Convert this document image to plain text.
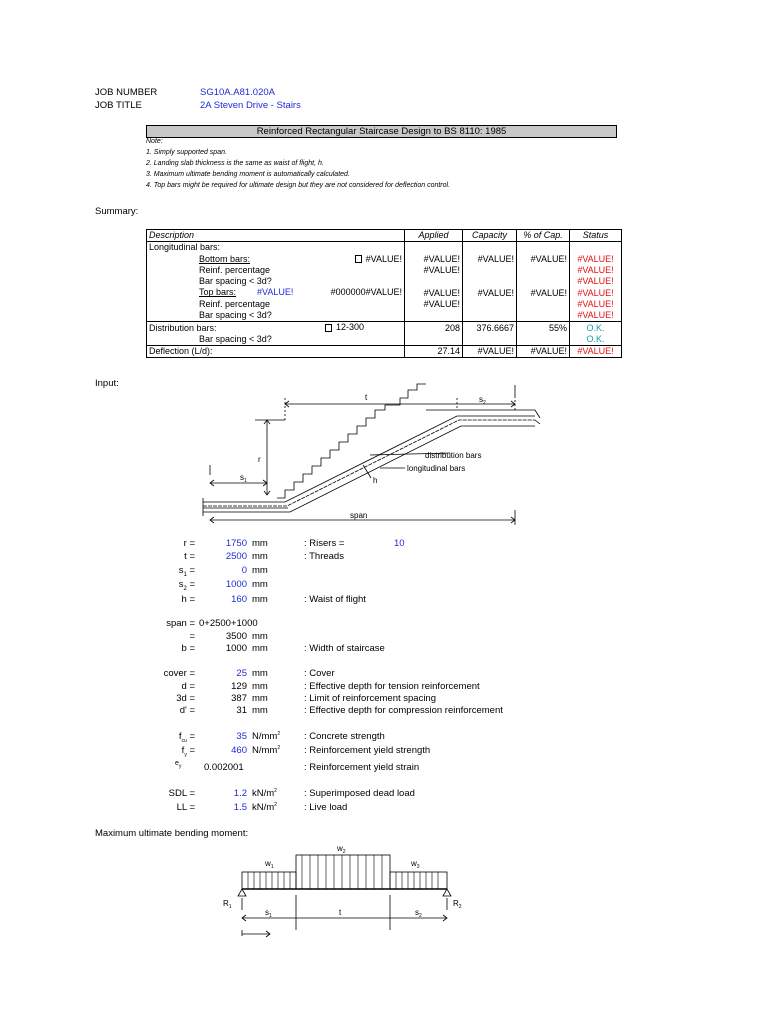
JOB NUMBER	SG10A.A81.020A
JOB TITLE	2A Steven Drive - Stairs
Reinforced Rectangular Staircase Design to BS 8110: 1985
Note:
1. Simply supported span.
2. Landing slab thickness is the same as waist of flight, h.
3. Maximum ultimate bending moment is automatically calculated.
4. Top bars might be required for ultimate design but they are not considered for deflection control.
Summary:
Description	Applied	Capacity	% of Cap.	Status
Longitudinal bars:				

Bottom bars: #VALUE!	#VALUE!	#VALUE!	#VALUE!	#VALUE!

Reinf. percentage	#VALUE!			#VALUE!

Bar spacing < 3d?				#VALUE!

Top bars: #VALUE! #000000#VALUE!	#VALUE!	#VALUE!	#VALUE!	#VALUE!

Reinf. percentage	#VALUE!			#VALUE!

Bar spacing < 3d?				#VALUE!
Distribution bars: 12-300	208	376.6667	55%	O.K.

Bar spacing < 3d?				O.K.
Deflection (L/d):	27.14	#VALUE!	#VALUE!	#VALUE!
Input:
t	$s_2$
r
$s_1$	h
span
distribution bars
longitudinal bars
r =	1750 mm	: Risers =	10
t =	2500 mm	: Threads
$s_1$ =	0 mm
$s_2$ =	1000 mm
h =	160 mm	: Waist of flight
span = 0+2500+1000
=	3500 mm
b =	1000 mm	: Width of staircase
cover =	25 mm	: Cover
d =	129 mm	: Effective depth for tension reinforcement
3d =	387 mm	: Limit of reinforcement spacing
d' =	31 mm	: Effective depth for compression reinforcement
$f_{cu}$ =	35 $N/mm^2$	: Concrete strength
$f_y$ =	460 $N/mm^2$	: Reinforcement yield strength
$e_y$ 0.002001	: Reinforcement yield strain
SDL =	1.2 $kN/m^2$	: Superimposed dead load
LL =	1.5 $kN/m^2$	: Live load
Maximum ultimate bending moment:
$w_1$
$w_2$
$w_3$
$R_1$	$R_2$
$s_1$	t	$s_2$
